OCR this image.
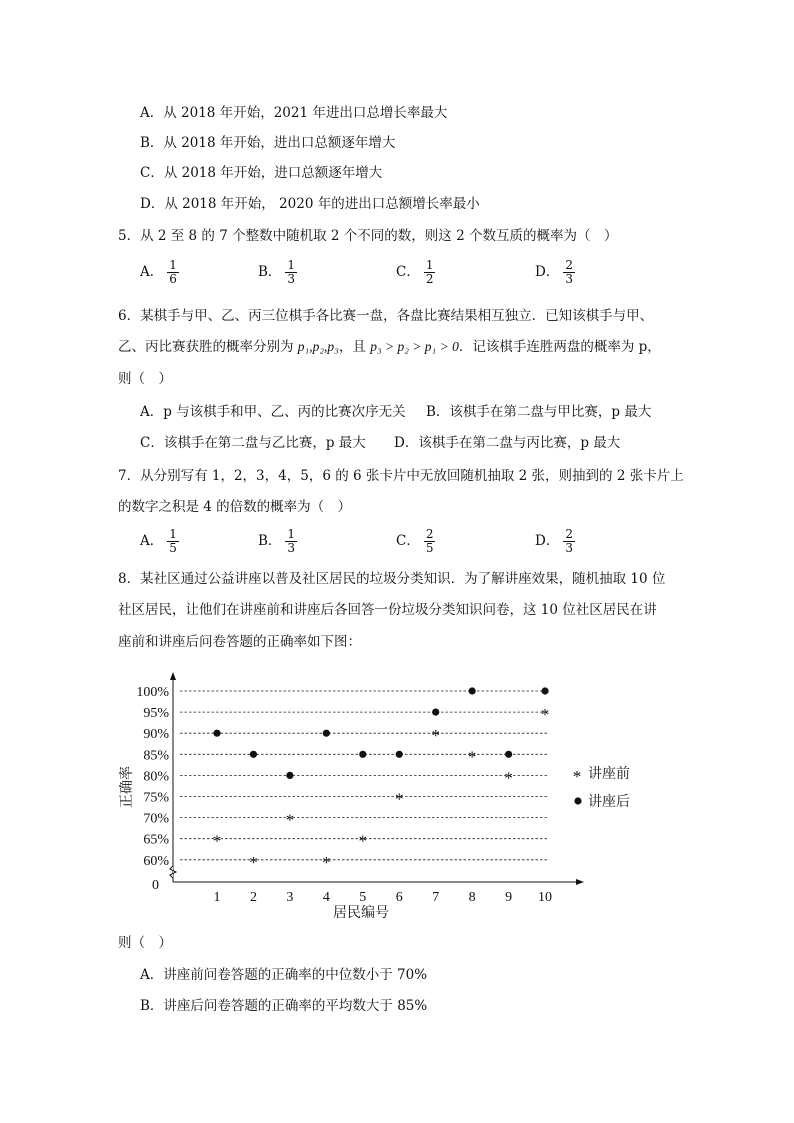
A．从 2018 年开始，2021 年进出口总增长率最大
B．从 2018 年开始，进出口总额逐年增大
C．从 2018 年开始，进口总额逐年增大
D．从 2018 年开始， 2020 年的进出口总额增长率最小
5．从 2 至 8 的 7 个整数中随机取 2 个不同的数，则这 2 个数互质的概率为（　）
A． $\frac{1}{6}$	B． $\frac{1}{3}$	C． $\frac{1}{2}$	D． $\frac{2}{3}$
6．某棋手与甲、乙、丙三位棋手各比赛一盘，各盘比赛结果相互独立．已知该棋手与甲、
乙、丙比赛获胜的概率分别为 p₁,p₂,p₃，且 p₃ > p₂ > p₁ > 0．记该棋手连胜两盘的概率为 p，
则（　）
A．p 与该棋手和甲、乙、丙的比赛次序无关 B．该棋手在第二盘与甲比赛，p 最大
C．该棋手在第二盘与乙比赛，p 最大 D．该棋手在第二盘与丙比赛，p 最大
7．从分别写有 1，2，3，4，5，6 的 6 张卡片中无放回随机抽取 2 张，则抽到的 2 张卡片上
的数字之积是 4 的倍数的概率为（　）
A． $\frac{1}{5}$	B． $\frac{1}{3}$	C． $\frac{2}{5}$	D． $\frac{2}{3}$
8．某社区通过公益讲座以普及社区居民的垃圾分类知识．为了解讲座效果，随机抽取 10 位
社区居民，让他们在讲座前和讲座后各回答一份垃圾分类知识问卷，这 10 位社区居民在讲
座前和讲座后问卷答题的正确率如下图：
100%
95%
90%
85%
80%
75%
70%
65%
60%
0
1 2 3 4 5 6 7 8 9 10
居民编号
正确率
*
*
*
*
*
*
*
*
*
*
* 讲座前
讲座后
则（　）
A．讲座前问卷答题的正确率的中位数小于 70%
B．讲座后问卷答题的正确率的平均数大于 85%
